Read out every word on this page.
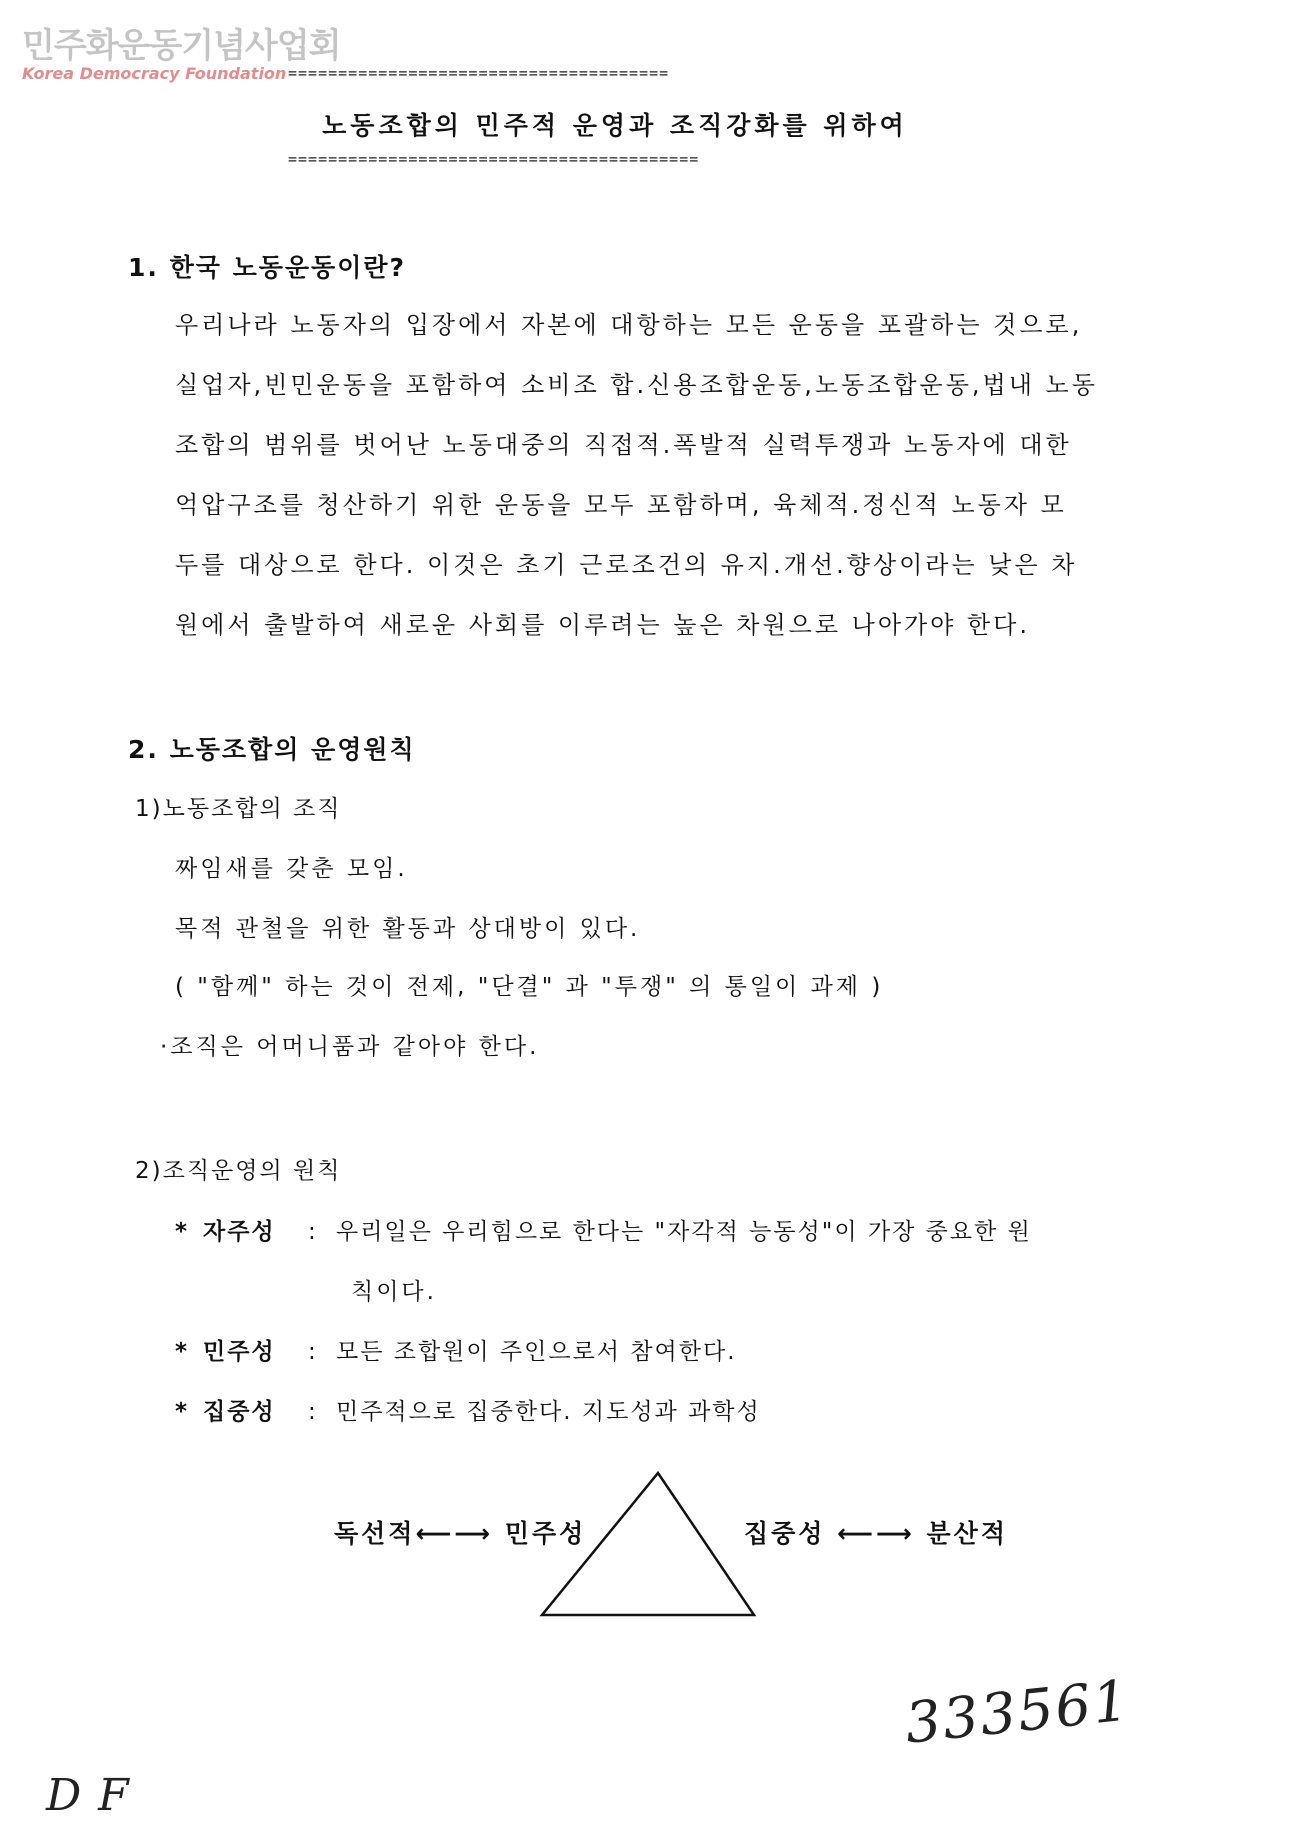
민주화운동기념사업회
Korea Democracy Foundation ======================================
노동조합의 민주적 운영과 조직강화를 위하여
=========================================
1. 한국 노동운동이란?
우리나라 노동자의 입장에서 자본에 대항하는 모든 운동을 포괄하는 것으로,
실업자,빈민운동을 포함하여 소비조 합.신용조합운동,노동조합운동,법내 노동
조합의 범위를 벗어난 노동대중의 직접적.폭발적 실력투쟁과 노동자에 대한
억압구조를 청산하기 위한 운동을 모두 포함하며, 육체적.정신적 노동자 모
두를 대상으로 한다. 이것은 초기 근로조건의 유지.개선.향상이라는 낮은 차
원에서 출발하여 새로운 사회를 이루려는 높은 차원으로 나아가야 한다.
2. 노동조합의 운영원칙
1)노동조합의 조직
짜임새를 갖춘 모임.
목적 관철을 위한 활동과 상대방이 있다.
( "함께" 하는 것이 전제, "단결" 과 "투쟁" 의 통일이 과제 )
·조직은 어머니품과 같아야 한다.
2)조직운영의 원칙
* 자주성 : 우리일은 우리힘으로 한다는 "자각적 능동성"이 가장 중요한 원
칙이다.
* 민주성 : 모든 조합원이 주인으로서 참여한다.
* 집중성 : 민주적으로 집중한다. 지도성과 과학성
독선적⟵⟶ 민주성	집중성 ⟵⟶ 분산적
333561
D F
